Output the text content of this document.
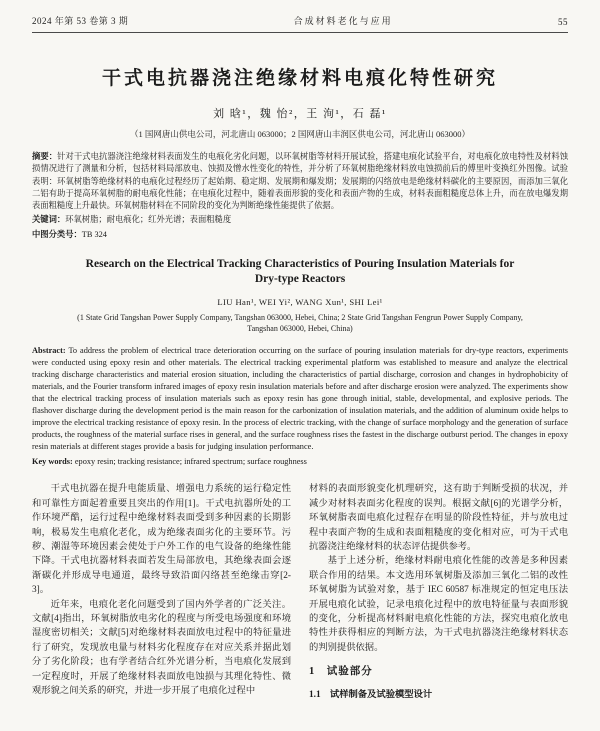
2024 年第 53 卷第 3 期	合成材料老化与应用	55
干式电抗器浇注绝缘材料电痕化特性研究
刘 晗¹，魏 怡²，王 洵¹，石 磊¹
（1 国网唐山供电公司，河北唐山 063000；2 国网唐山丰润区供电公司，河北唐山 063000）
摘要：针对干式电抗器浇注绝缘材料表面发生的电痕化劣化问题，以环氧树脂等材料开展试验，搭建电痕化试验平台，对电痕化放电特性及材料蚀损情况进行了测量和分析，包括材料局部放电、蚀损及憎水性变化的特性，并分析了环氧树脂绝缘材料放电蚀损前后的傅里叶变换红外图像。试验表明：环氧树脂等绝缘材料的电痕化过程经历了起始期、稳定期、发展期和爆发期；发展期的闪络放电是绝缘材料碳化的主要原因，而添加三氧化二铝有助于提高环氧树脂的耐电痕化性能；在电痕化过程中，随着表面形貌的变化和表面产物的生成，材料表面粗糙度总体上升，而在放电爆发期表面粗糙度上升最快。环氧树脂材料在不同阶段的变化为判断绝缘性能提供了依据。
关键词：环氧树脂；耐电痕化；红外光谱；表面粗糙度
中图分类号：TB 324
Research on the Electrical Tracking Characteristics of Pouring Insulation Materials for Dry-type Reactors
LIU Han¹, WEI Yi², WANG Xun¹, SHI Lei¹
(1 State Grid Tangshan Power Supply Company, Tangshan 063000, Hebei, China; 2 State Grid Tangshan Fengrun Power Supply Company, Tangshan 063000, Hebei, China)
Abstract: To address the problem of electrical trace deterioration occurring on the surface of pouring insulation materials for dry-type reactors, experiments were conducted using epoxy resin and other materials. The electrical tracking experimental platform was established to measure and analyze the electrical tracking discharge characteristics and material erosion situation, including the characteristics of partial discharge, corrosion and changes in hydrophobicity of materials, and the Fourier transform infrared images of epoxy resin insulation materials before and after discharge erosion were analyzed. The experiments show that the electrical tracking process of insulation materials such as epoxy resin has gone through initial, stable, developmental, and explosive periods. The flashover discharge during the development period is the main reason for the carbonization of insulation materials, and the addition of aluminum oxide helps to improve the electrical tracking resistance of epoxy resin. In the process of electric tracking, with the change of surface morphology and the generation of surface products, the roughness of the material surface rises in general, and the surface roughness rises the fastest in the discharge outburst period. The changes in epoxy resin materials at different stages provide a basis for judging insulation performance.
Key words: epoxy resin; tracking resistance; infrared spectrum; surface roughness

干式电抗器在提升电能质量、增强电力系统的运行稳定性和可靠性方面起着重要且突出的作用[1]。干式电抗器所处的工作环境严酷，运行过程中绝缘材料表面受到多种因素的长期影响，极易发生电痕化老化，成为绝缘表面劣化的主要环节。污秽、潮湿等环境因素会使处于户外工作的电气设备的绝缘性能下降。干式电抗器材料表面若发生局部放电，其绝缘表面会逐渐碳化并形成导电通道，最终导致沿面闪络甚至绝缘击穿[2-3]。

近年来，电痕化老化问题受到了国内外学者的广泛关注。文献[4]指出，环氧树脂放电劣化的程度与所受电场强度和环境湿度密切相关；文献[5]对绝缘材料表面放电过程中的特征量进行了研究，发现放电量与材料劣化程度存在对应关系并据此划分了劣化阶段；也有学者结合红外光谱分析，当电痕化发展到一定程度时，开展了绝缘材料表面放电蚀损与其理化特性、微观形貌之间关系的研究，并进一步开展了电痕化过程中

材料的表面形貌变化机理研究，这有助于判断受损的状况，并减少对材料表面劣化程度的误判。根据文献[6]的光谱学分析，环氧树脂表面电痕化过程存在明显的阶段性特征，并与放电过程中表面产物的生成和表面粗糙度的变化相对应，可为干式电抗器浇注绝缘材料的状态评估提供参考。

基于上述分析，绝缘材料耐电痕化性能的改善是多种因素联合作用的结果。本文选用环氧树脂及添加三氧化二铝的改性环氧树脂为试验对象，基于 IEC 60587 标准规定的恒定电压法开展电痕化试验，记录电痕化过程中的放电特征量与表面形貌的变化，分析提高材料耐电痕化性能的方法，探究电痕化放电特性并获得相应的判断方法，为干式电抗器浇注绝缘材料状态的判别提供依据。

1　试验部分
1.1　试样制备及试验模型设计
